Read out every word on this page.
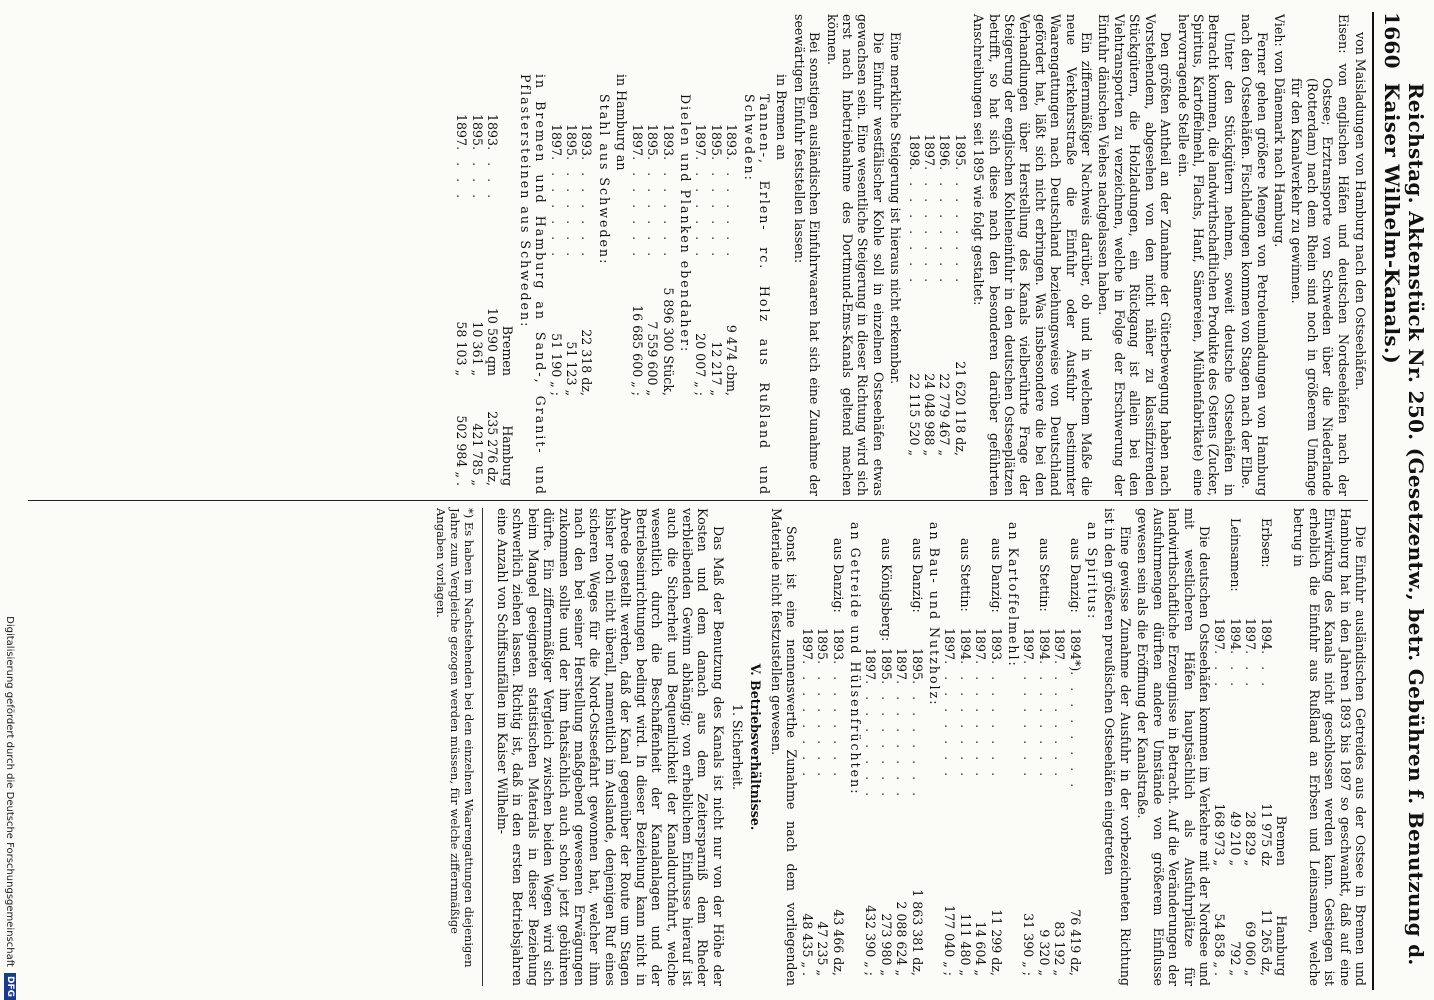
1660
Reichstag. Aktenstück Nr. 250. (Gesetzentw., betr. Gebühren f. Benutzung d. Kaiser Wilhelm-Kanals.)

von Maisladungen von Hamburg nach den Ostseehäfen.

Eisen: von englischen Häfen und deutschen Nordseehäfen nach der Ostsee; Erztransporte von Schweden über die Niederlande (Rotterdam) nach dem Rhein sind noch in größerem Umfange für den Kanalverkehr zu gewinnen.

Vieh: von Dänemark nach Hamburg.

Ferner gehen größere Mengen von Petroleumladungen von Hamburg nach den Ostseehäfen. Fischladungen kommen von Stagen nach der Elbe.

Unter den Stückgütern nehmen, soweit deutsche Ostseehäfen in Betracht kommen, die landwirthschaftlichen Produkte des Ostens (Zucker, Spiritus, Kartoffelmehl, Flachs, Hanf, Sämereien, Mühlenfabrikate) eine hervorragende Stelle ein.

Den größten Antheil an der Zunahme der Güterbewegung haben nach Vorstehendem, abgesehen von den nicht näher zu klassifizirenden Stückgütern, die Holzladungen, ein Rückgang ist allein bei den Viehtransporten zu verzeichnen, welche in Folge der Erschwerung der Einfuhr dänischen Viehes nachgelassen haben.

Ein ziffernmäßiger Nachweis darüber, ob und in welchem Maße die neue Verkehrsstraße die Einfuhr oder Ausfuhr bestimmter Waarengattungen nach Deutschland beziehungsweise von Deutschland gefördert hat, läßt sich nicht erbringen. Was insbesondere die bei den Verhandlungen über Herstellung des Kanals vielberührte Frage der Steigerung der englischen Kohleneinfuhr in den deutschen Ostseeplätzen betrifft, so hat sich diese nach den besonderen darüber geführten Anschreibungen seit 1895 wie folgt gestaltet:

1895
. . . . . . . .
21 620 118 dz,
1896
. . . . . . . .
22 779 467 „
1897
. . . . . . . .
24 048 988 „
1898
. . . . . . . .
22 115 520 „

Eine merkliche Steigerung ist hieraus nicht erkennbar.

Die Einfuhr westfälischer Kohle soll in einzelnen Ostseehäfen etwas gewachsen sein. Eine wesentliche Steigerung in dieser Richtung wird sich erst nach Inbetriebnahme des Dortmund-Ems-Kanals geltend machen können.

Bei sonstigen ausländischen Einfuhrwaaren hat sich eine Zunahme der seewärtigen Einfuhr feststellen lassen:

in Bremen an

Tannen-, Erlen- rc. Holz aus Rußland und Schweden:

1893
. . . . . . .
9 474 cbm,
1895
. . . . . . .
12 217 „
1897
. . . . . . .
20 007 „ ;

Dielen und Planken ebendaher:

1893
. . . . . . .
5 896 300 Stück,
1895
. . . . . . .
7 559 600 „
1897
. . . . . . .
16 685 600 „ ;

in Hamburg an

Stahl aus Schweden:

1893
. . . . . . .
22 318 dz,
1895
. . . . . . .
51 123 „
1897
. . . . . . .
51 190 „ ;

in Bremen und Hamburg an Sand-, Granit- und Pflastersteinen aus Schweden:

Bremen
Hamburg
1893
. . . .
10 590 qm
235 276 dz,
1895
. . . .
10 361 „
421 785 „
1897
. . . .
58 103 „
502 984 „ .

Die Einfuhr ausländischen Getreides aus der Ostsee in Bremen und Hamburg hat in den Jahren 1893 bis 1897 so geschwankt, daß auf eine Einwirkung des Kanals nicht geschlossen werden kann. Gestiegen ist erheblich die Einfuhr aus Rußland an Erbsen und Leinsamen, welche betrug in

Bremen
Hamburg
Erbsen:
1894
. . .
11 975 dz
11 265 dz,
1897
. . .
28 829 „
69 060 „
Leinsamen:
1894
. . .
49 210 „
792 „
1897
. . .
168 973 „
54 858 „ .

Die deutschen Ostseehäfen kommen im Verkehre mit der Nordsee und mit westlicheren Häfen hauptsächlich als Ausfuhrplätze für landwirthschaftliche Erzeugnisse in Betracht. Auf die Veränderungen der Ausfuhrmengen dürften andere Umstände von größerem Einflusse gewesen sein als die Eröffnung der Kanalstraße.

Eine gewisse Zunahme der Ausfuhr in der vorbezeichneten Richtung ist in den größeren preußischen Ostseehäfen eingetreten

an Spiritus:

aus Danzig:
1894*)
. . . . . . . .
76 419 dz,
1897
. . . . . . . .
83 192 „
aus Stettin:
1894
. . . . . . . .
9 320 „
1897
. . . . . . . .
31 390 „ ;

an Kartoffelmehl:

aus Danzig:
1893
. . . . . . . .
11 299 dz,
1897
. . . . . . . .
14 604 „
aus Stettin:
1894
. . . . . . . .
111 480 „
1897
. . . . . . . .
177 040 „ ;

an Bau- und Nutzholz:

aus Danzig:
1895
. . . . . . . .
1 863 381 dz,
1897
. . . . . . . .
2 088 624 „
aus Königsberg:
1895
. . . . . . . .
273 980 „
1897
. . . . . . . .
432 390 „ ;

an Getreide und Hülsenfrüchten:

aus Danzig:
1893
. . . . . . . .
43 466 dz,
1895
. . . . . . . .
47 235 „
1897
. . . . . . . .
48 435 „ .

Sonst ist eine nennenswerthe Zunahme nach dem vorliegenden Materiale nicht festzustellen gewesen.

V. Betriebsverhältnisse.
1. Sicherheit.

Das Maß der Benutzung des Kanals ist nicht nur von der Höhe der Kosten und dem danach aus dem Zeitersparniß dem Rheder verbleibenden Gewinn abhängig; von erheblichem Einflusse hierauf ist auch die Sicherheit und Bequemlichkeit der Kanaldurchfahrt, welche wesentlich durch die Beschaffenheit der Kanalanlagen und der Betriebseinrichtungen bedingt wird. In dieser Beziehung kann nicht in Abrede gestellt werden, daß der Kanal gegenüber der Route um Stagen bisher noch nicht überall, namentlich im Auslande, denjenigen Ruf eines sicheren Weges für die Nord-Ostseefahrt gewonnen hat, welcher ihm nach den bei seiner Herstellung maßgebend gewesenen Erwägungen zukommen sollte und der ihm thatsächlich auch schon jetzt gebühren dürfte. Ein ziffernmäßiger Vergleich zwischen beiden Wegen wird sich beim Mangel geeigneten statistischen Materials in dieser Beziehung schwerlich ziehen lassen. Richtig ist, daß in den ersten Betriebsjahren eine Anzahl von Schiffsunfällen im Kaiser Wilhelm-

*) Es haben im Nachstehenden bei den einzelnen Waarengattungen diejenigen Jahre zum Vergleiche gezogen werden müssen, für welche ziffernmäßige Angaben vorlagen.
Digitalisierung gefördert durch die Deutsche Forschungsgemeinschaft
DFG
